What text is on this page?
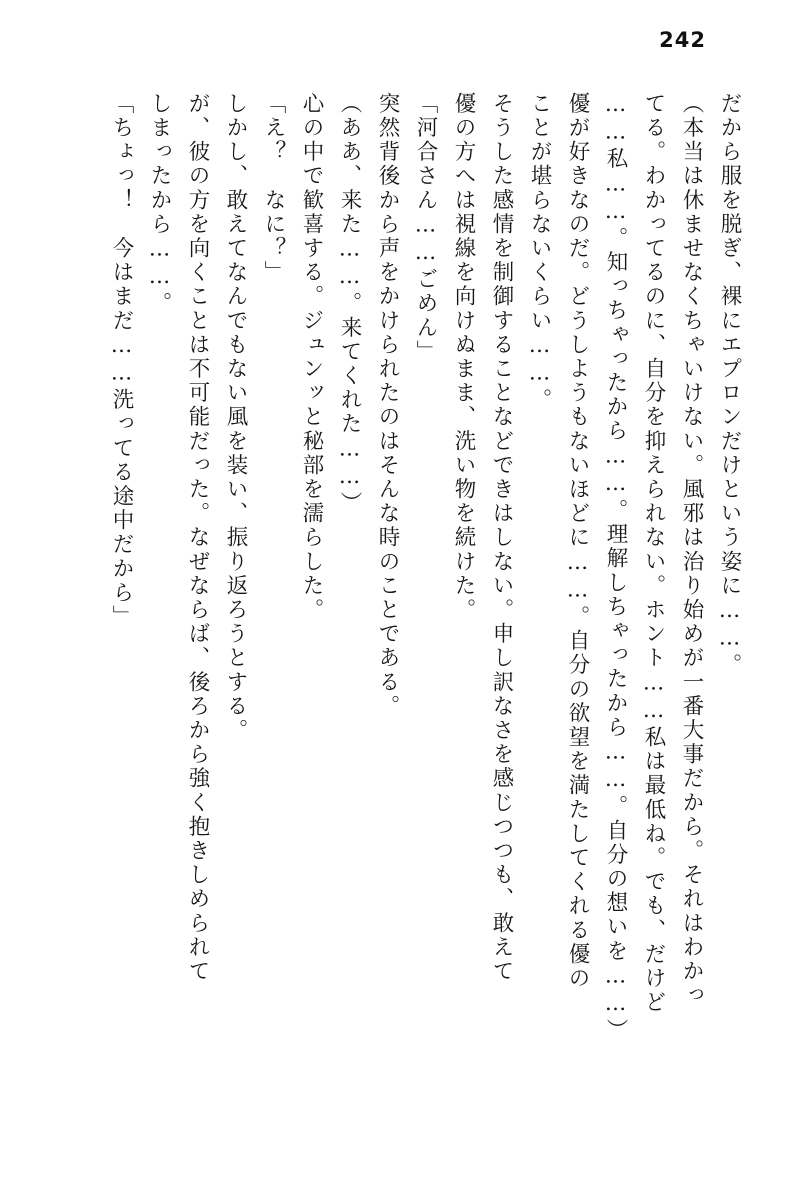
242
だから服を脱ぎ、裸にエプロンだけという姿に……。
（本当は休ませなくちゃいけない。風邪は治り始めが一番大事だから。それはわかっ
てる。わかってるのに、自分を抑えられない。ホント……私は最低ね。でも、だけど
……私……。知っちゃったから……。理解しちゃったから……。自分の想いを……）
優が好きなのだ。どうしようもないほどに……。自分の欲望を満たしてくれる優の
ことが堪らないくらい……。
そうした感情を制御することなどできはしない。申し訳なさを感じつつも、敢えて
優の方へは視線を向けぬまま、洗い物を続けた。
「河合さん……ごめん」
突然背後から声をかけられたのはそんな時のことである。
（ああ、来た……。来てくれた……）
心の中で歓喜する。ジュンッと秘部を濡らした。
「え？　なに？」
しかし、敢えてなんでもない風を装い、振り返ろうとする。
が、彼の方を向くことは不可能だった。なぜならば、後ろから強く抱きしめられて
しまったから……。
「ちょっ！　今はまだ……洗ってる途中だから」
